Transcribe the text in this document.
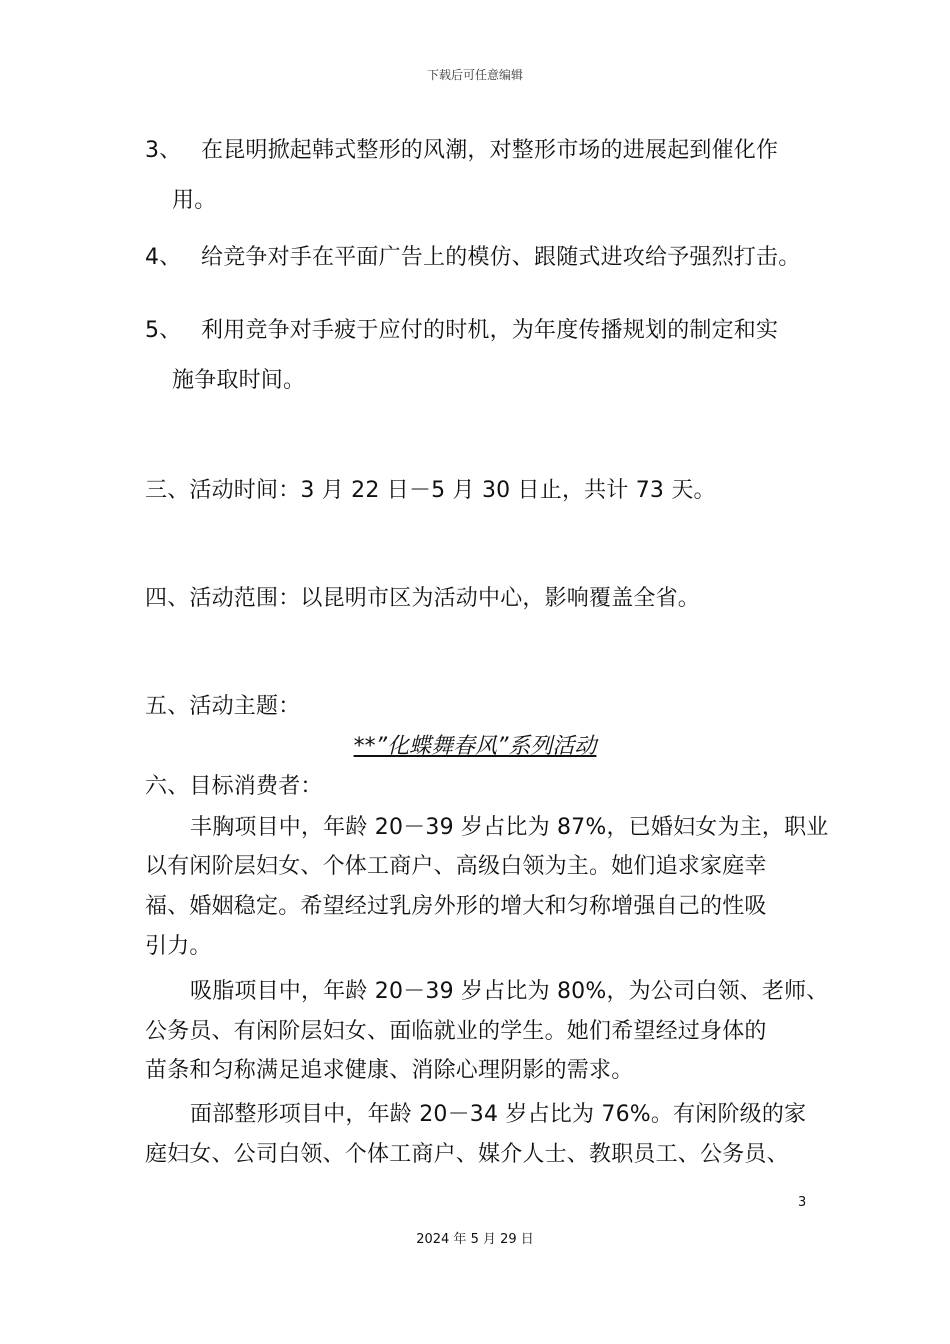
下载后可任意编辑
3、 在昆明掀起韩式整形的风潮，对整形市场的进展起到催化作
用。
4、 给竞争对手在平面广告上的模仿、跟随式进攻给予强烈打击。
5、 利用竞争对手疲于应付的时机，为年度传播规划的制定和实
施争取时间。
三、活动时间：3 月 22 日－5 月 30 日止，共计 73 天。
四、活动范围：以昆明市区为活动中心，影响覆盖全省。
五、活动主题：
**”化蝶舞春风”系列活动
六、目标消费者：
丰胸项目中，年龄 20－39 岁占比为 87%，已婚妇女为主，职业
以有闲阶层妇女、个体工商户、高级白领为主。她们追求家庭幸
福、婚姻稳定。希望经过乳房外形的增大和匀称增强自己的性吸
引力。
吸脂项目中，年龄 20－39 岁占比为 80%，为公司白领、老师、
公务员、有闲阶层妇女、面临就业的学生。她们希望经过身体的
苗条和匀称满足追求健康、消除心理阴影的需求。
面部整形项目中，年龄 20－34 岁占比为 76%。有闲阶级的家
庭妇女、公司白领、个体工商户、媒介人士、教职员工、公务员、
3
2024 年 5 月 29 日
